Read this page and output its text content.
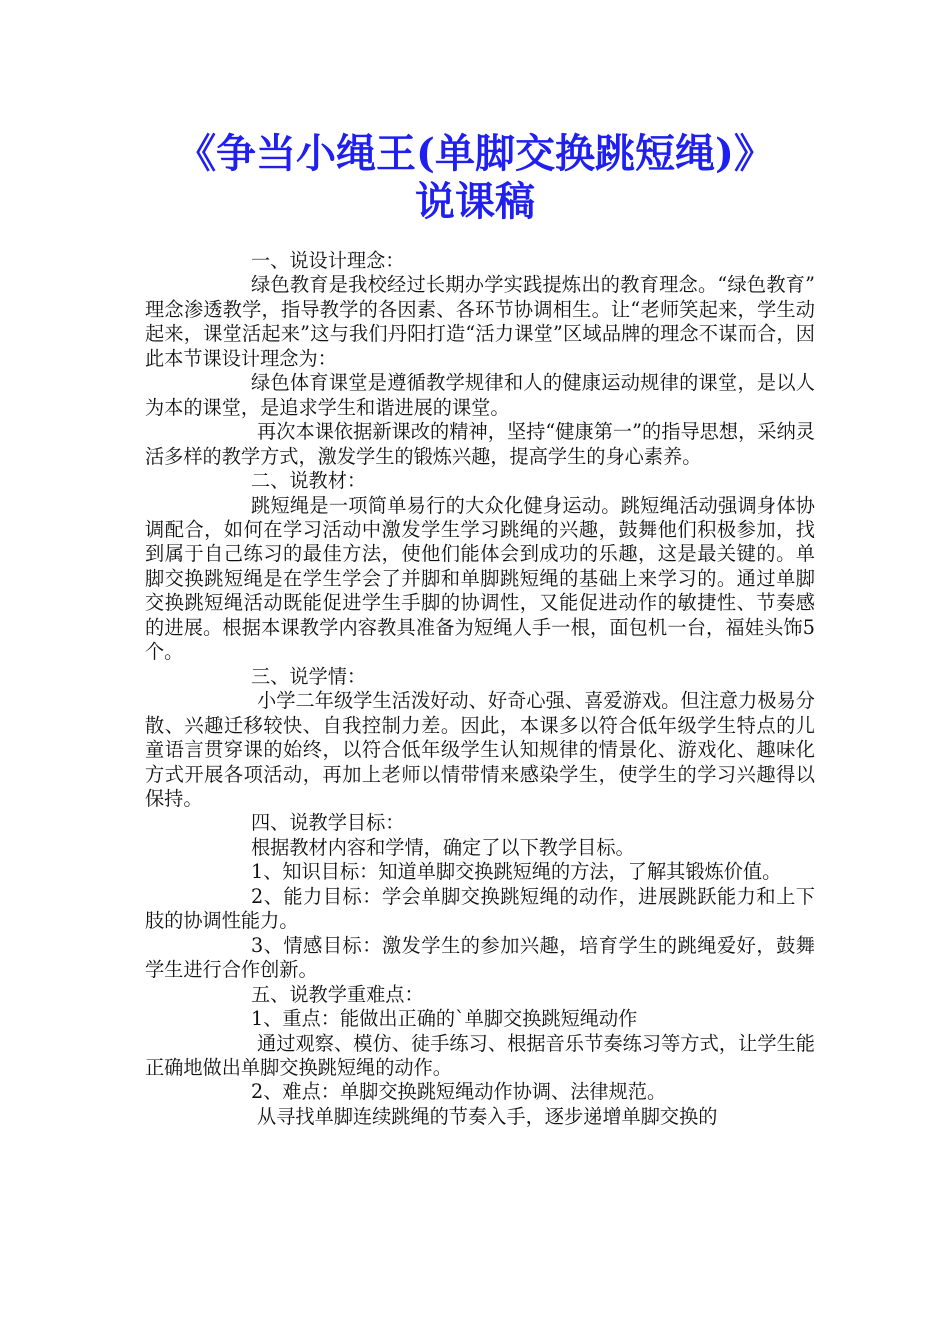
《争当小绳王(单脚交换跳短绳)》
说课稿

一、说设计理念：

绿色教育是我校经过长期办学实践提炼出的教育理念。“绿色教育”理念渗透教学，指导教学的各因素、各环节协调相生。让“老师笑起来，学生动起来，课堂活起来”这与我们丹阳打造“活力课堂”区域品牌的理念不谋而合，因此本节课设计理念为：

绿色体育课堂是遵循教学规律和人的健康运动规律的课堂，是以人为本的课堂，是追求学生和谐进展的课堂。

再次本课依据新课改的精神，坚持“健康第一”的指导思想，采纳灵活多样的教学方式，激发学生的锻炼兴趣，提高学生的身心素养。

二、说教材：

跳短绳是一项简单易行的大众化健身运动。跳短绳活动强调身体协调配合，如何在学习活动中激发学生学习跳绳的兴趣，鼓舞他们积极参加，找到属于自己练习的最佳方法，使他们能体会到成功的乐趣，这是最关键的。单脚交换跳短绳是在学生学会了并脚和单脚跳短绳的基础上来学习的。通过单脚交换跳短绳活动既能促进学生手脚的协调性，又能促进动作的敏捷性、节奏感的进展。根据本课教学内容教具准备为短绳人手一根，面包机一台，福娃头饰5个。

三、说学情：

小学二年级学生活泼好动、好奇心强、喜爱游戏。但注意力极易分散、兴趣迁移较快、自我控制力差。因此，本课多以符合低年级学生特点的儿童语言贯穿课的始终，以符合低年级学生认知规律的情景化、游戏化、趣味化方式开展各项活动，再加上老师以情带情来感染学生，使学生的学习兴趣得以保持。

四、说教学目标：

根据教材内容和学情，确定了以下教学目标。

1、知识目标：知道单脚交换跳短绳的方法，了解其锻炼价值。

2、能力目标：学会单脚交换跳短绳的动作，进展跳跃能力和上下肢的协调性能力。

3、情感目标：激发学生的参加兴趣，培育学生的跳绳爱好，鼓舞学生进行合作创新。

五、说教学重难点：

1、重点：能做出正确的`单脚交换跳短绳动作

通过观察、模仿、徒手练习、根据音乐节奏练习等方式，让学生能正确地做出单脚交换跳短绳的动作。

2、难点：单脚交换跳短绳动作协调、法律规范。

从寻找单脚连续跳绳的节奏入手，逐步递增单脚交换的
